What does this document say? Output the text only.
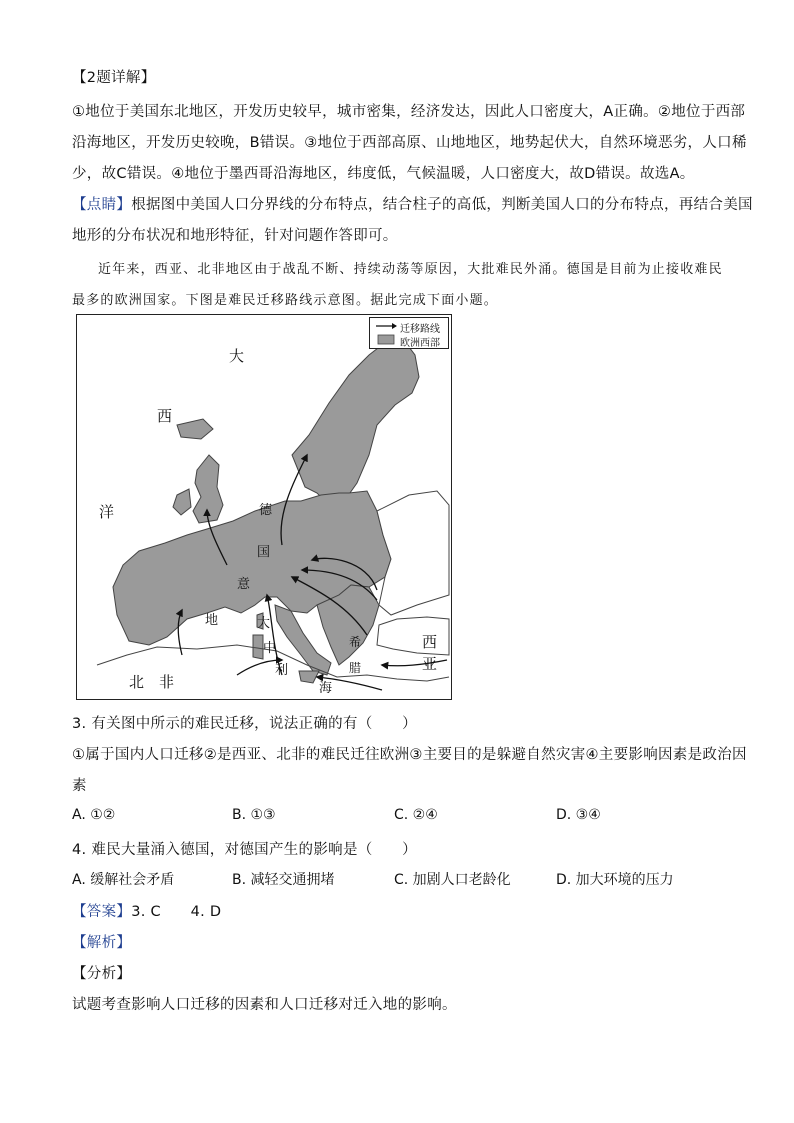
【2题详解】
①地位于美国东北地区，开发历史较早，城市密集，经济发达，因此人口密度大，A正确。②地位于西部
沿海地区，开发历史较晚，B错误。③地位于西部高原、山地地区，地势起伏大，自然环境恶劣，人口稀
少，故C错误。④地位于墨西哥沿海地区，纬度低，气候温暖，人口密度大，故D错误。故选A。
【点睛】根据图中美国人口分界线的分布特点，结合柱子的高低，判断美国人口的分布特点，再结合美国
地形的分布状况和地形特征，针对问题作答即可。
近年来，西亚、北非地区由于战乱不断、持续动荡等原因，大批难民外涌。德国是目前为止接收难民
最多的欧洲国家。下图是难民迁移路线示意图。据此完成下面小题。
迁移路线
欧洲西部
大
西
洋	德
国
意
地	大
中
利
海
希
腊
西
亚
北　非
3. 有关图中所示的难民迁移，说法正确的有（　　）
①属于国内人口迁移②是西亚、北非的难民迁往欧洲③主要目的是躲避自然灾害④主要影响因素是政治因
素
A. ①②	B. ①③	C. ②④	D. ③④
4. 难民大量涌入德国，对德国产生的影响是（　　）
A. 缓解社会矛盾	B. 减轻交通拥堵	C. 加剧人口老龄化	D. 加大环境的压力
【答案】3. C　　4. D
【解析】
【分析】
试题考查影响人口迁移的因素和人口迁移对迁入地的影响。
